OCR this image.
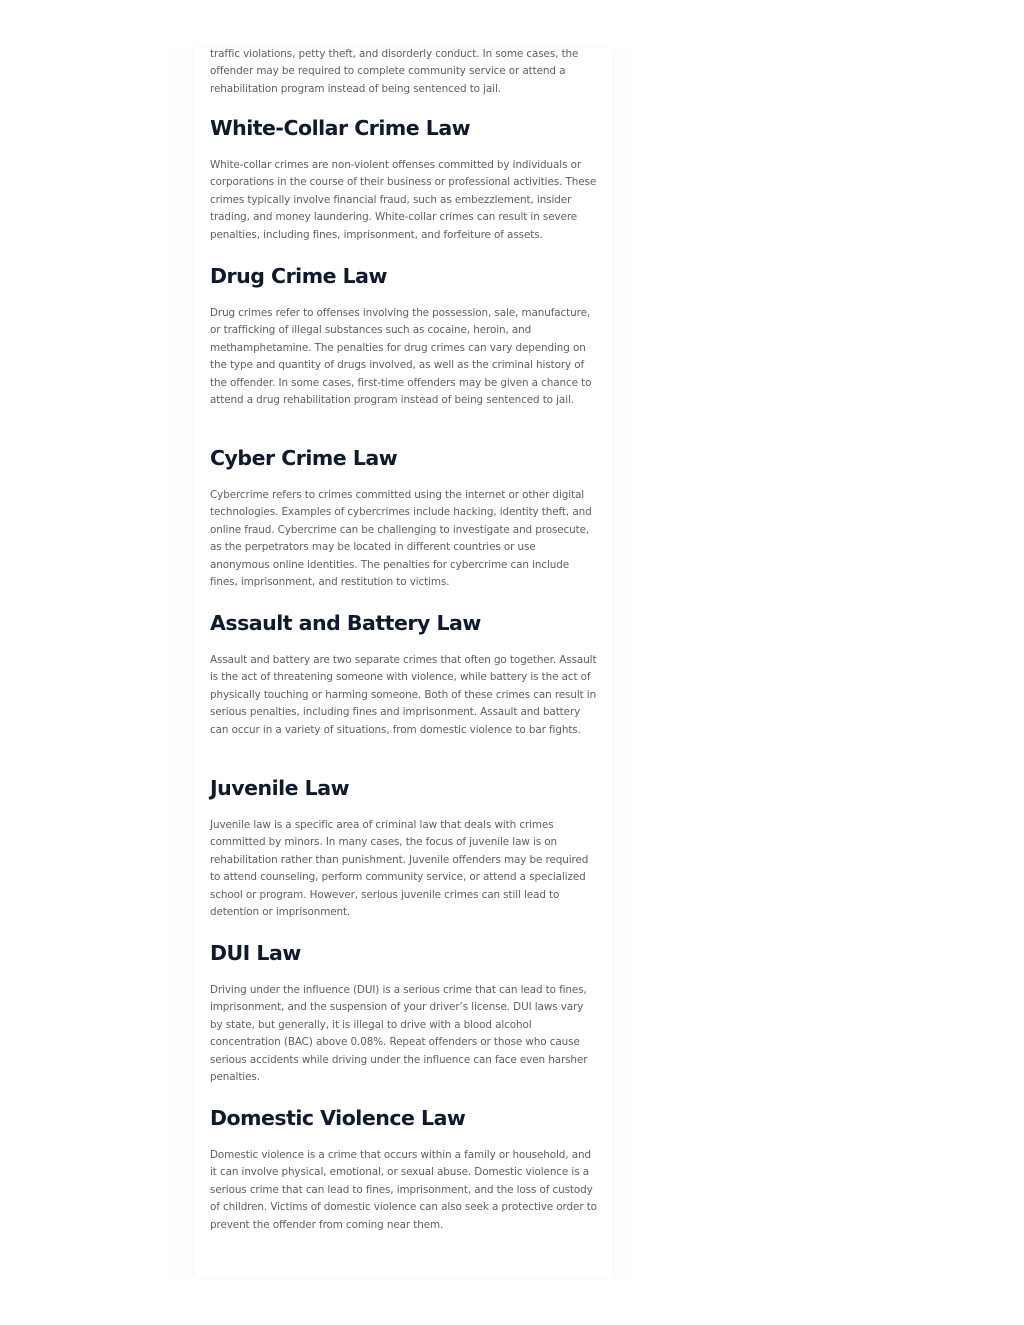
traffic violations, petty theft, and disorderly conduct. In some cases, the offender may be required to complete community service or attend a rehabilitation program instead of being sentenced to jail.

White-Collar Crime Law

White-collar crimes are non-violent offenses committed by individuals or corporations in the course of their business or professional activities. These crimes typically involve financial fraud, such as embezzlement, insider trading, and money laundering. White-collar crimes can result in severe penalties, including fines, imprisonment, and forfeiture of assets.

Drug Crime Law

Drug crimes refer to offenses involving the possession, sale, manufacture, or trafficking of illegal substances such as cocaine, heroin, and methamphetamine. The penalties for drug crimes can vary depending on the type and quantity of drugs involved, as well as the criminal history of the offender. In some cases, first-time offenders may be given a chance to attend a drug rehabilitation program instead of being sentenced to jail.

Cyber Crime Law

Cybercrime refers to crimes committed using the internet or other digital technologies. Examples of cybercrimes include hacking, identity theft, and online fraud. Cybercrime can be challenging to investigate and prosecute, as the perpetrators may be located in different countries or use anonymous online identities. The penalties for cybercrime can include fines, imprisonment, and restitution to victims.

Assault and Battery Law

Assault and battery are two separate crimes that often go together. Assault is the act of threatening someone with violence, while battery is the act of physically touching or harming someone. Both of these crimes can result in serious penalties, including fines and imprisonment. Assault and battery can occur in a variety of situations, from domestic violence to bar fights.

Juvenile Law

Juvenile law is a specific area of criminal law that deals with crimes committed by minors. In many cases, the focus of juvenile law is on rehabilitation rather than punishment. Juvenile offenders may be required to attend counseling, perform community service, or attend a specialized school or program. However, serious juvenile crimes can still lead to detention or imprisonment.

DUI Law

Driving under the influence (DUI) is a serious crime that can lead to fines, imprisonment, and the suspension of your driver’s license. DUI laws vary by state, but generally, it is illegal to drive with a blood alcohol concentration (BAC) above 0.08%. Repeat offenders or those who cause serious accidents while driving under the influence can face even harsher penalties.

Domestic Violence Law

Domestic violence is a crime that occurs within a family or household, and it can involve physical, emotional, or sexual abuse. Domestic violence is a serious crime that can lead to fines, imprisonment, and the loss of custody of children. Victims of domestic violence can also seek a protective order to prevent the offender from coming near them.
